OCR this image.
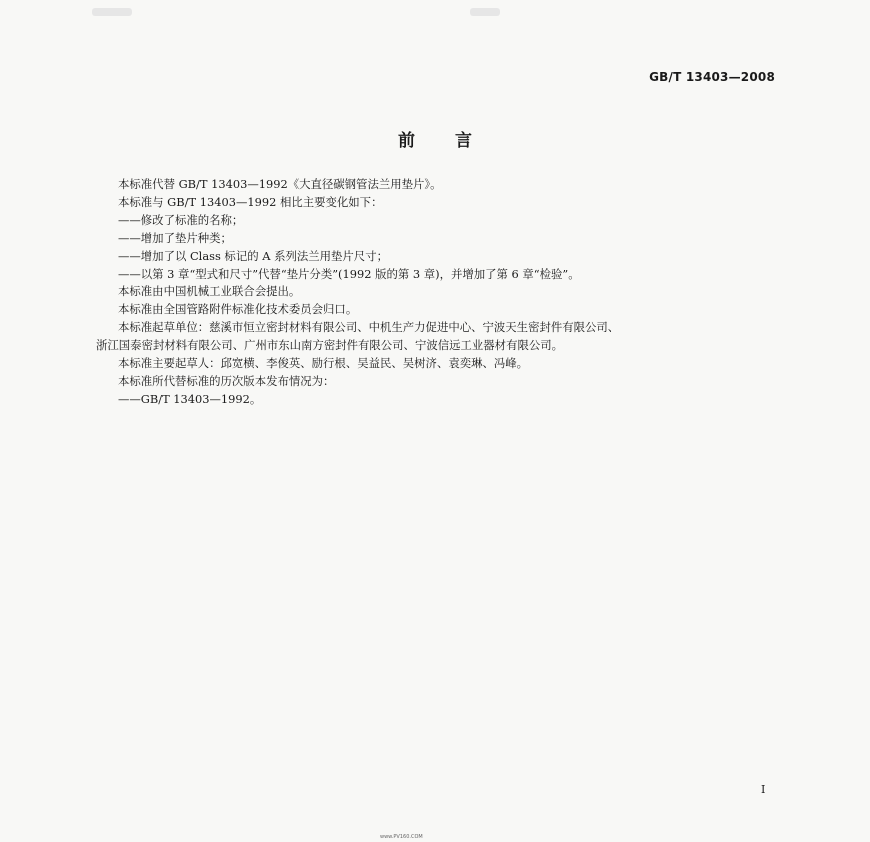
GB/T 13403—2008
前言

本标准代替 GB/T 13403—1992《大直径碳钢管法兰用垫片》。

本标准与 GB/T 13403—1992 相比主要变化如下：

——修改了标准的名称；

——增加了垫片种类；

——增加了以 Class 标记的 A 系列法兰用垫片尺寸；

——以第 3 章“型式和尺寸”代替“垫片分类”(1992 版的第 3 章)，并增加了第 6 章“检验”。

本标准由中国机械工业联合会提出。

本标准由全国管路附件标准化技术委员会归口。

本标准起草单位：慈溪市恒立密封材料有限公司、中机生产力促进中心、宁波天生密封件有限公司、

浙江国泰密封材料有限公司、广州市东山南方密封件有限公司、宁波信远工业器材有限公司。

本标准主要起草人：邱宽横、李俊英、励行根、吴益民、吴树济、袁奕琳、冯峰。

本标准所代替标准的历次版本发布情况为：

——GB/T 13403—1992。

I
www.PV160.COM
